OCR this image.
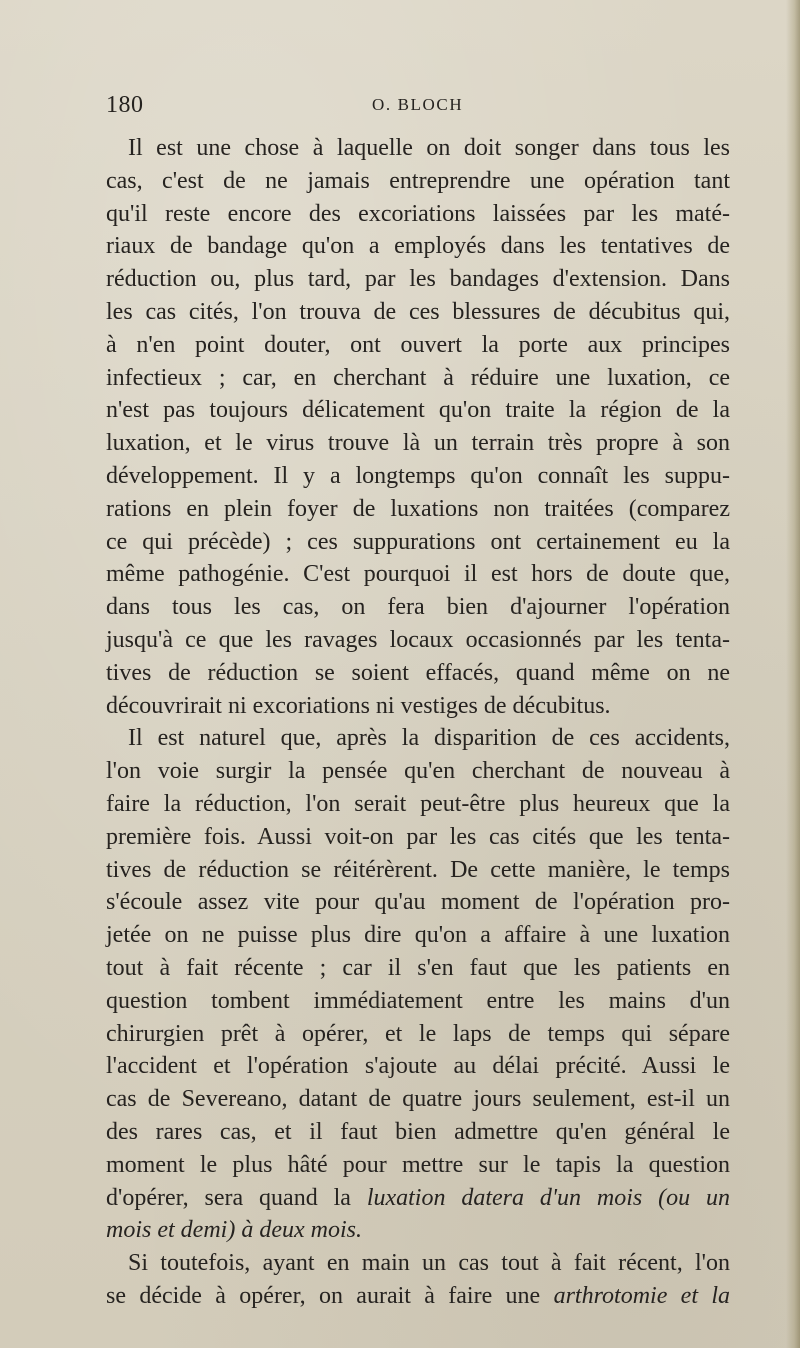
180	O. BLOCH
Il est une chose à laquelle on doit songer dans tous les
cas, c'est de ne jamais entreprendre une opération tant
qu'il reste encore des excoriations laissées par les maté-
riaux de bandage qu'on a employés dans les tentatives de
réduction ou, plus tard, par les bandages d'extension. Dans
les cas cités, l'on trouva de ces blessures de décubitus qui,
à n'en point douter, ont ouvert la porte aux principes
infectieux ; car, en cherchant à réduire une luxation, ce
n'est pas toujours délicatement qu'on traite la région de la
luxation, et le virus trouve là un terrain très propre à son
développement. Il y a longtemps qu'on connaît les suppu-
rations en plein foyer de luxations non traitées (comparez
ce qui précède) ; ces suppurations ont certainement eu la
même pathogénie. C'est pourquoi il est hors de doute que,
dans tous les cas, on fera bien d'ajourner l'opération
jusqu'à ce que les ravages locaux occasionnés par les tenta-
tives de réduction se soient effacés, quand même on ne
découvrirait ni excoriations ni vestiges de décubitus.
Il est naturel que, après la disparition de ces accidents,
l'on voie surgir la pensée qu'en cherchant de nouveau à
faire la réduction, l'on serait peut-être plus heureux que la
première fois. Aussi voit-on par les cas cités que les tenta-
tives de réduction se réitérèrent. De cette manière, le temps
s'écoule assez vite pour qu'au moment de l'opération pro-
jetée on ne puisse plus dire qu'on a affaire à une luxation
tout à fait récente ; car il s'en faut que les patients en
question tombent immédiatement entre les mains d'un
chirurgien prêt à opérer, et le laps de temps qui sépare
l'accident et l'opération s'ajoute au délai précité. Aussi le
cas de Severeano, datant de quatre jours seulement, est-il un
des rares cas, et il faut bien admettre qu'en général le
moment le plus hâté pour mettre sur le tapis la question
d'opérer, sera quand la luxation datera d'un mois (ou un
mois et demi) à deux mois.
Si toutefois, ayant en main un cas tout à fait récent, l'on
se décide à opérer, on aurait à faire une arthrotomie et la
